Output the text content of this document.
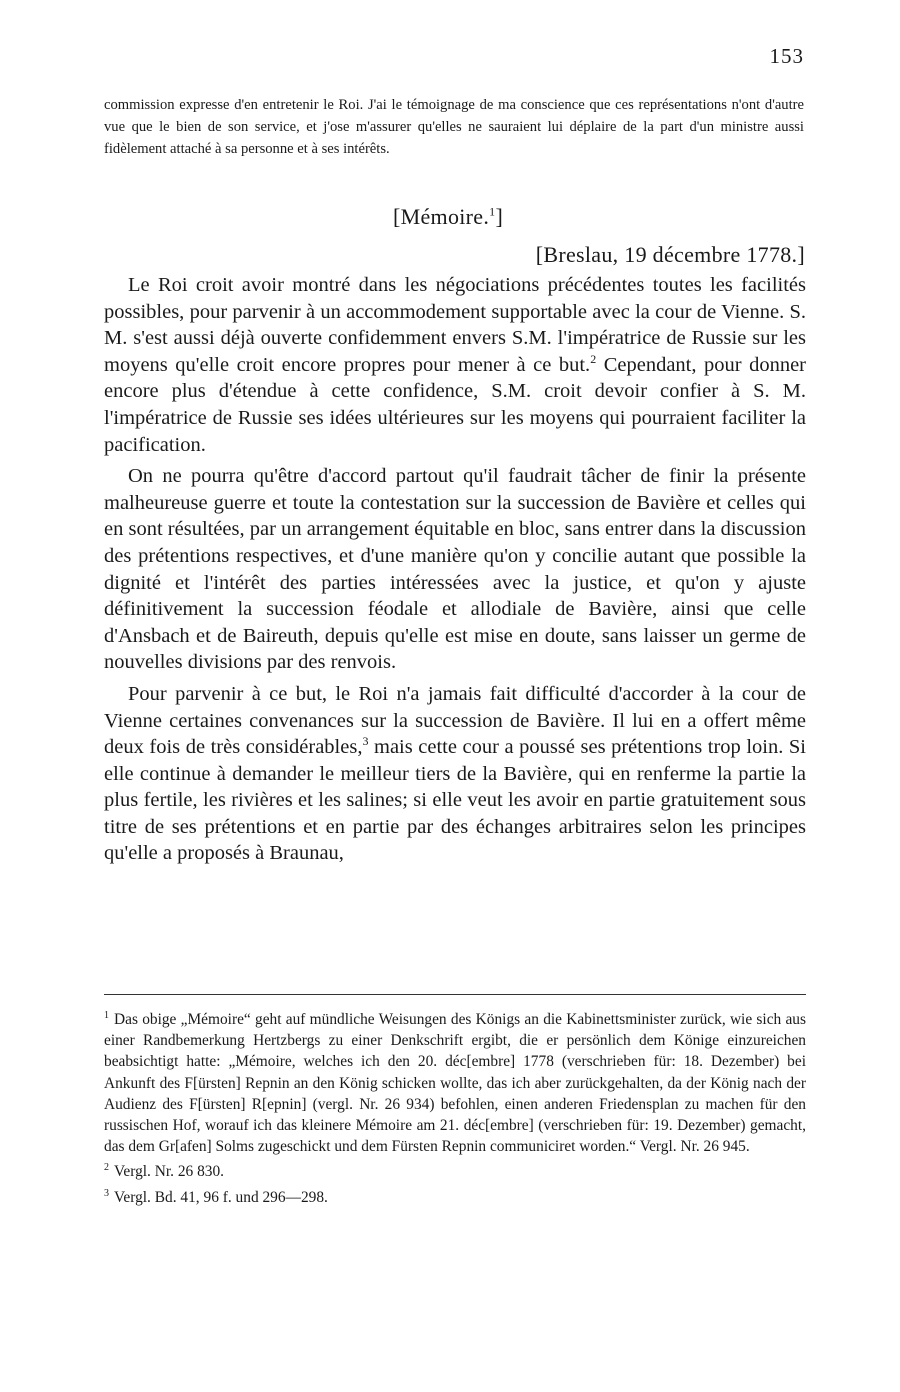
153

commission expresse d'en entretenir le Roi. J'ai le témoignage de ma conscience que ces représentations n'ont d'autre vue que le bien de son service, et j'ose m'assurer qu'elles ne sauraient lui déplaire de la part d'un ministre aussi fidèlement attaché à sa personne et à ses intérêts.

[Mémoire.$^1$]
[Breslau, 19 décembre 1778.]

Le Roi croit avoir montré dans les négociations précédentes toutes les facilités possibles, pour parvenir à un accommodement supportable avec la cour de Vienne. S. M. s'est aussi déjà ouverte confidemment envers S.M. l'impératrice de Russie sur les moyens qu'elle croit encore propres pour mener à ce but.$^2$ Cependant, pour donner encore plus d'étendue à cette confidence, S.M. croit devoir confier à S. M. l'impératrice de Russie ses idées ultérieures sur les moyens qui pourraient faciliter la pacification.

On ne pourra qu'être d'accord partout qu'il faudrait tâcher de finir la présente malheureuse guerre et toute la contestation sur la succession de Bavière et celles qui en sont résultées, par un arrangement équitable en bloc, sans entrer dans la discussion des prétentions respectives, et d'une manière qu'on y concilie autant que possible la dignité et l'intérêt des parties intéressées avec la justice, et qu'on y ajuste définitivement la succession féodale et allodiale de Bavière, ainsi que celle d'Ansbach et de Baireuth, depuis qu'elle est mise en doute, sans laisser un germe de nouvelles divisions par des renvois.

Pour parvenir à ce but, le Roi n'a jamais fait difficulté d'accorder à la cour de Vienne certaines convenances sur la succession de Bavière. Il lui en a offert même deux fois de très considérables,$^3$ mais cette cour a poussé ses prétentions trop loin. Si elle continue à demander le meilleur tiers de la Bavière, qui en renferme la partie la plus fertile, les rivières et les salines; si elle veut les avoir en partie gratuitement sous titre de ses prétentions et en partie par des échanges arbitraires selon les principes qu'elle a proposés à Braunau,

$^1$ Das obige „Mémoire“ geht auf mündliche Weisungen des Königs an die Kabinettsminister zurück, wie sich aus einer Randbemerkung Hertzbergs zu einer Denkschrift ergibt, die er persönlich dem Könige einzureichen beabsichtigt hatte: „Mémoire, welches ich den 20. déc[embre] 1778 (verschrieben für: 18. Dezember) bei Ankunft des F[ürsten] Repnin an den König schicken wollte, das ich aber zurückgehalten, da der König nach der Audienz des F[ürsten] R[epnin] (vergl. Nr. 26 934) befohlen, einen anderen Friedensplan zu machen für den russischen Hof, worauf ich das kleinere Mémoire am 21. déc[embre] (verschrieben für: 19. Dezember) gemacht, das dem Gr[afen] Solms zugeschickt und dem Fürsten Repnin communiciret worden.“ Vergl. Nr. 26 945.

$^2$ Vergl. Nr. 26 830.

$^3$ Vergl. Bd. 41, 96 f. und 296—298.
